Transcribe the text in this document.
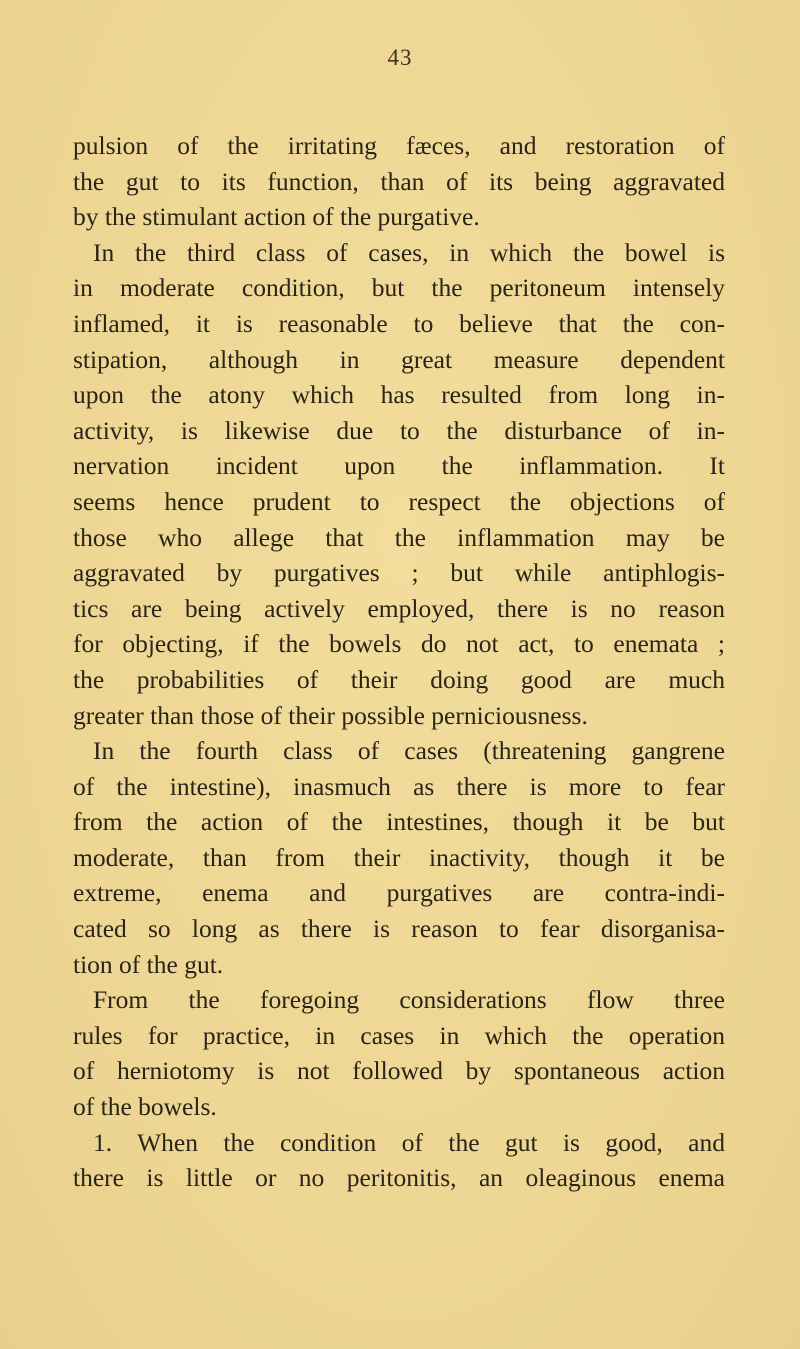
43
pulsion of the irritating fæces, and restoration of
the gut to its function, than of its being aggravated
by the stimulant action of the purgative.
In the third class of cases, in which the bowel is
in moderate condition, but the peritoneum intensely
inflamed, it is reasonable to believe that the con-
stipation, although in great measure dependent
upon the atony which has resulted from long in-
activity, is likewise due to the disturbance of in-
nervation incident upon the inflammation. It
seems hence prudent to respect the objections of
those who allege that the inflammation may be
aggravated by purgatives ; but while antiphlogis-
tics are being actively employed, there is no reason
for objecting, if the bowels do not act, to enemata ;
the probabilities of their doing good are much
greater than those of their possible perniciousness.
In the fourth class of cases (threatening gangrene
of the intestine), inasmuch as there is more to fear
from the action of the intestines, though it be but
moderate, than from their inactivity, though it be
extreme, enema and purgatives are contra-indi-
cated so long as there is reason to fear disorganisa-
tion of the gut.
From the foregoing considerations flow three
rules for practice, in cases in which the operation
of herniotomy is not followed by spontaneous action
of the bowels.
1. When the condition of the gut is good, and
there is little or no peritonitis, an oleaginous enema
